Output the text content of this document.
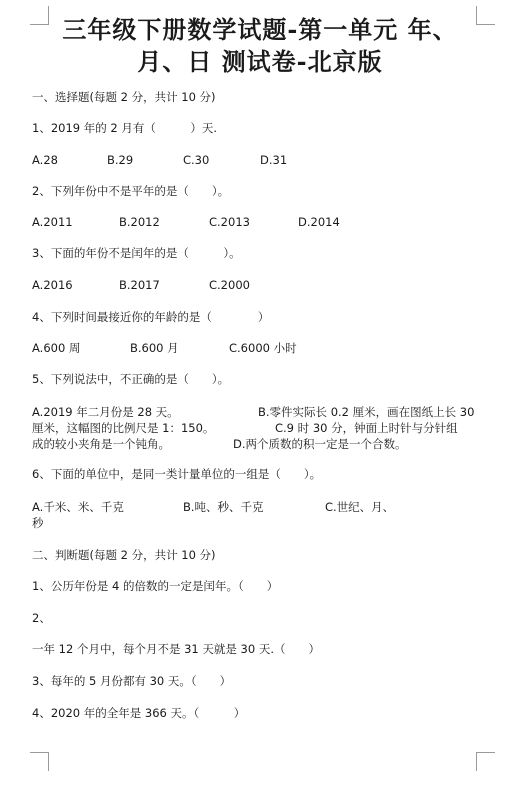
三年级下册数学试题-第一单元 年、
月、日 测试卷-北京版
一、选择题(每题 2 分，共计 10 分)
1、2019 年的 2 月有（　　　）天.
A.28	B.29	C.30	D.31
2、下列年份中不是平年的是（　　）。
A.2011	B.2012	C.2013	D.2014
3、下面的年份不是闰年的是（　　　）。
A.2016	B.2017	C.2000
4、下列时间最接近你的年龄的是（　　　　）
A.600 周	B.600 月	C.6000 小时
5、下列说法中，不正确的是（　　）。
A.2019 年二月份是 28 天。	B.零件实际长 0.2 厘米，画在图纸上长 30
厘米，这幅图的比例尺是 1：150。	C.9 时 30 分，钟面上时针与分针组
成的较小夹角是一个钝角。	D.两个质数的积一定是一个合数。
6、下面的单位中，是同一类计量单位的一组是（　　）。
A.千米、米、千克	B.吨、秒、千克	C.世纪、月、
秒
二、判断题(每题 2 分，共计 10 分)
1、公历年份是 4 的倍数的一定是闰年。（　　）
2、
一年 12 个月中，每个月不是 31 天就是 30 天.（　　）
3、每年的 5 月份都有 30 天。（　　）
4、2020 年的全年是 366 天。（　　　）
